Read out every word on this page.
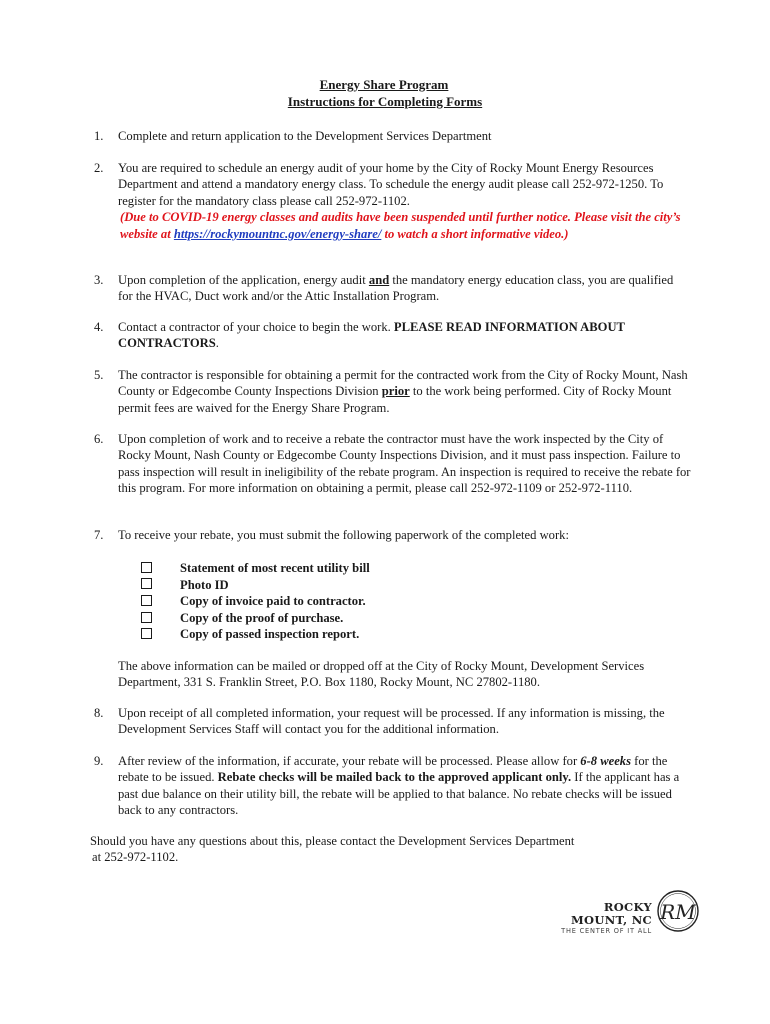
Energy Share Program
Instructions for Completing Forms
1. Complete and return application to the Development Services Department
2. You are required to schedule an energy audit of your home by the City of Rocky Mount Energy Resources Department and attend a mandatory energy class. To schedule the energy audit please call 252-972-1250. To register for the mandatory class please call 252-972-1102.
(Due to COVID-19 energy classes and audits have been suspended until further notice. Please visit the city’s website at https://rockymountnc.gov/energy-share/ to watch a short informative video.)
3. Upon completion of the application, energy audit and the mandatory energy education class, you are qualified for the HVAC, Duct work and/or the Attic Installation Program.
4. Contact a contractor of your choice to begin the work. PLEASE READ INFORMATION ABOUT CONTRACTORS.
5. The contractor is responsible for obtaining a permit for the contracted work from the City of Rocky Mount, Nash County or Edgecombe County Inspections Division prior to the work being performed. City of Rocky Mount permit fees are waived for the Energy Share Program.
6. Upon completion of work and to receive a rebate the contractor must have the work inspected by the City of Rocky Mount, Nash County or Edgecombe County Inspections Division, and it must pass inspection. Failure to pass inspection will result in ineligibility of the rebate program. An inspection is required to receive the rebate for this program. For more information on obtaining a permit, please call 252-972-1109 or 252-972-1110.
7. To receive your rebate, you must submit the following paperwork of the completed work:
Statement of most recent utility bill
Photo ID
Copy of invoice paid to contractor.
Copy of the proof of purchase.
Copy of passed inspection report.
The above information can be mailed or dropped off at the City of Rocky Mount, Development Services Department, 331 S. Franklin Street, P.O. Box 1180, Rocky Mount, NC 27802-1180.
8. Upon receipt of all completed information, your request will be processed. If any information is missing, the Development Services Staff will contact you for the additional information.
9. After review of the information, if accurate, your rebate will be processed. Please allow for 6-8 weeks for the rebate to be issued. Rebate checks will be mailed back to the approved applicant only. If the applicant has a past due balance on their utility bill, the rebate will be applied to that balance. No rebate checks will be issued back to any contractors.
Should you have any questions about this, please contact the Development Services Department
at 252-972-1102.
ROCKY MOUNT, NC
THE CENTER OF IT ALL
RM
